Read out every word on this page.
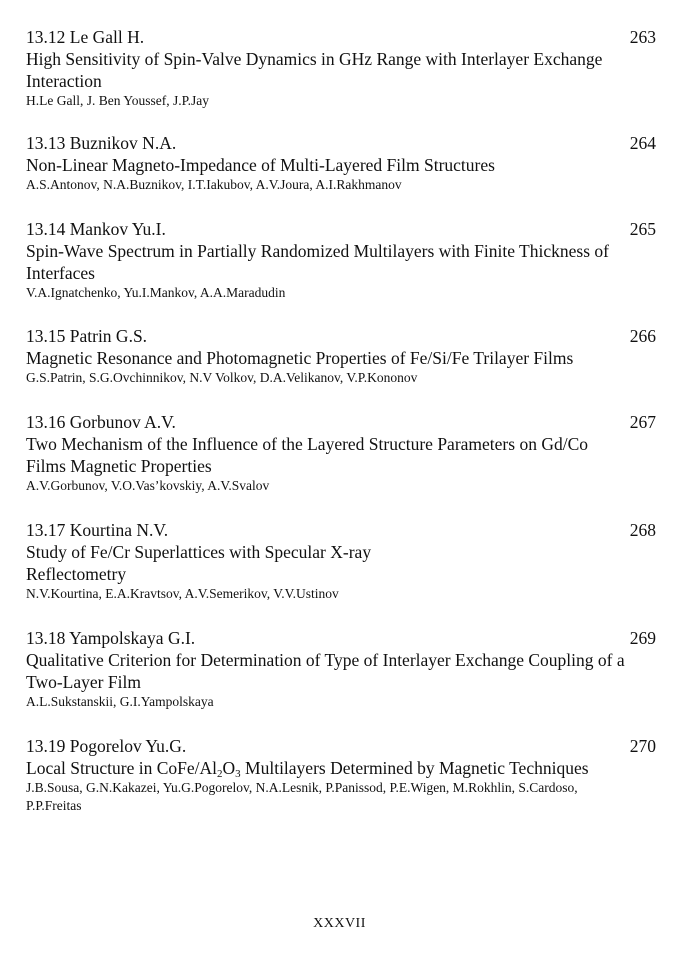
13.12 Le Gall H.	263
High Sensitivity of Spin-Valve Dynamics in GHz Range with Interlayer Exchange Interaction
H.Le Gall, J. Ben Youssef, J.P.Jay
13.13 Buznikov N.A.	264
Non-Linear Magneto-Impedance of Multi-Layered Film Structures
A.S.Antonov, N.A.Buznikov, I.T.Iakubov, A.V.Joura, A.I.Rakhmanov
13.14 Mankov Yu.I.	265
Spin-Wave Spectrum in Partially Randomized Multilayers with Finite Thickness of Interfaces
V.A.Ignatchenko, Yu.I.Mankov, A.A.Maradudin
13.15 Patrin G.S.	266
Magnetic Resonance and Photomagnetic Properties of Fe/Si/Fe Trilayer Films
G.S.Patrin, S.G.Ovchinnikov, N.V Volkov, D.A.Velikanov, V.P.Kononov
13.16 Gorbunov A.V.	267
Two Mechanism of the Influence of the Layered Structure Parameters on Gd/Co Films Magnetic Properties
A.V.Gorbunov, V.O.Vas’kovskiy, A.V.Svalov
13.17 Kourtina N.V.	268
Study of Fe/Cr Superlattices with Specular X-ray
Reflectometry
N.V.Kourtina, E.A.Kravtsov, A.V.Semerikov, V.V.Ustinov
13.18 Yampolskaya G.I.	269
Qualitative Criterion for Determination of Type of Interlayer Exchange Coupling of a Two-Layer Film
A.L.Sukstanskii, G.I.Yampolskaya
13.19 Pogorelov Yu.G.	270
Local Structure in CoFe/$Al_2O_3$ Multilayers Determined by Magnetic Techniques
J.B.Sousa, G.N.Kakazei, Yu.G.Pogorelov, N.A.Lesnik, P.Panissod, P.E.Wigen, M.Rokhlin, S.Cardoso, P.P.Freitas
XXXVII
